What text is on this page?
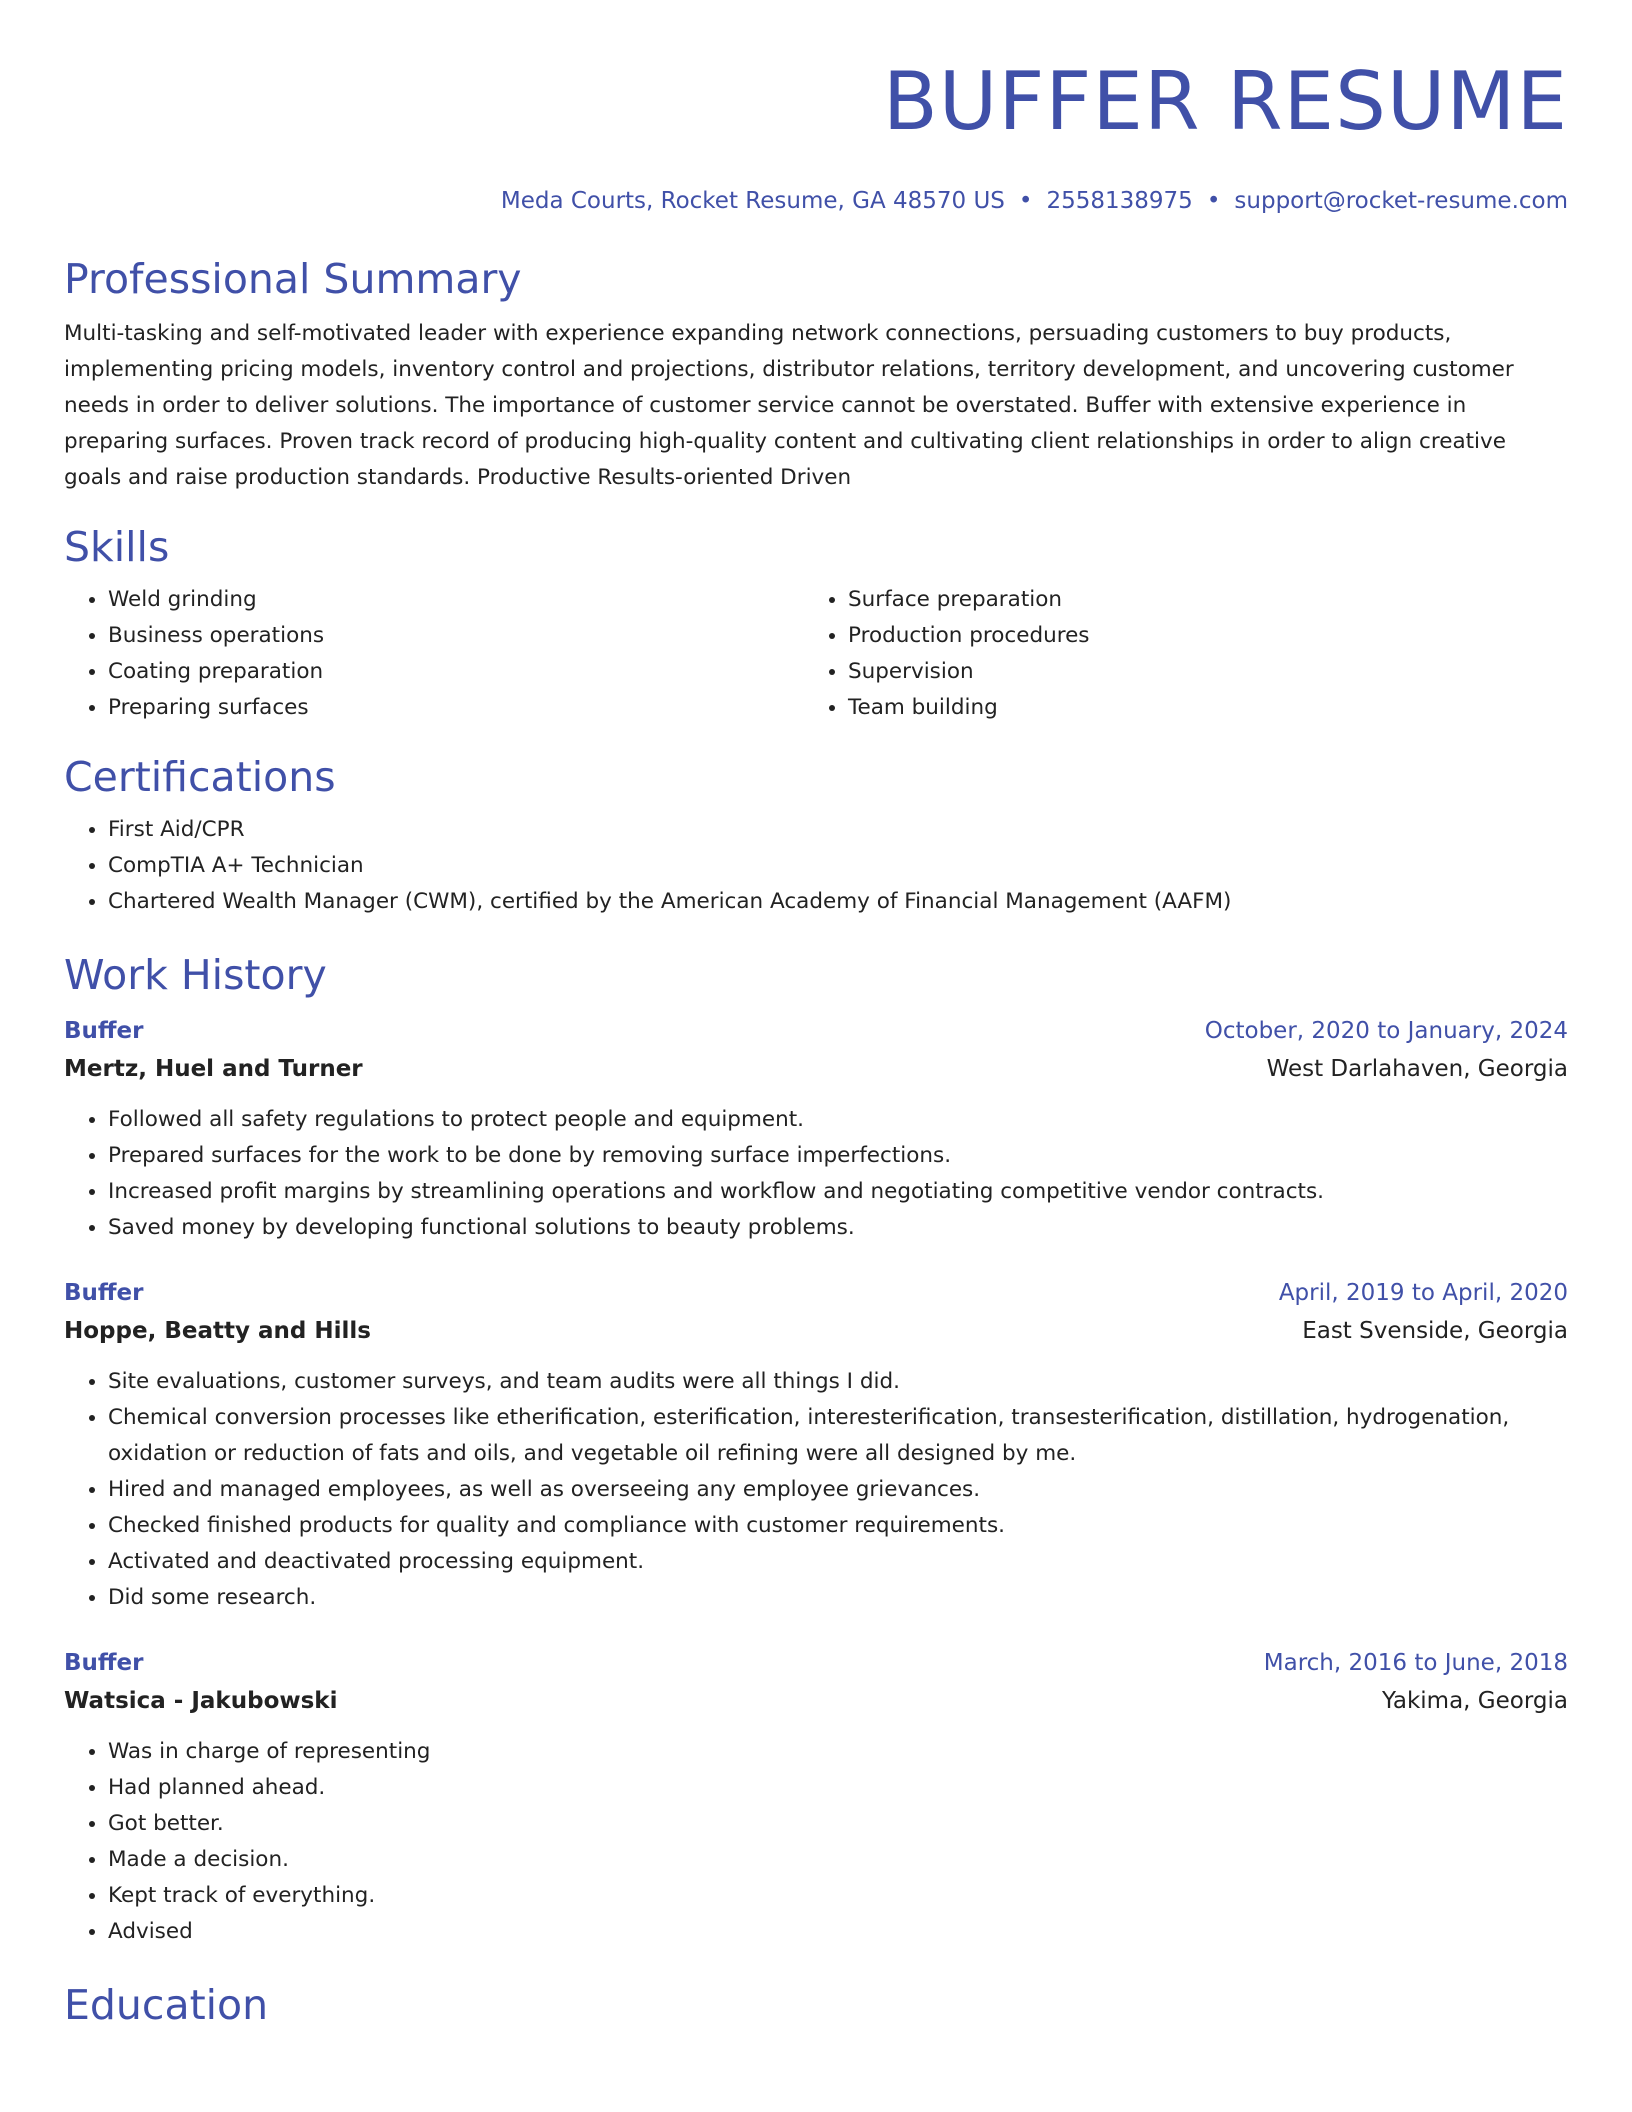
BUFFER RESUME
Meda Courts, Rocket Resume, GA 48570 US • 2558138975 • support@rocket-resume.com
Professional Summary
Multi-tasking and self-motivated leader with experience expanding network connections, persuading customers to buy products, implementing pricing models, inventory control and projections, distributor relations, territory development, and uncovering customer needs in order to deliver solutions. The importance of customer service cannot be overstated. Buffer with extensive experience in preparing surfaces. Proven track record of producing high-quality content and cultivating client relationships in order to align creative goals and raise production standards. Productive Results-oriented Driven
Skills
• Weld grinding
• Business operations
• Coating preparation
• Preparing surfaces
• Surface preparation
• Production procedures
• Supervision
• Team building
Certifications
• First Aid/CPR
• CompTIA A+ Technician
• Chartered Wealth Manager (CWM), certified by the American Academy of Financial Management (AAFM)
Work History
Buffer	October, 2020 to January, 2024
Mertz, Huel and Turner	West Darlahaven, Georgia
• Followed all safety regulations to protect people and equipment.
• Prepared surfaces for the work to be done by removing surface imperfections.
• Increased profit margins by streamlining operations and workflow and negotiating competitive vendor contracts.
• Saved money by developing functional solutions to beauty problems.
Buffer	April, 2019 to April, 2020
Hoppe, Beatty and Hills	East Svenside, Georgia
• Site evaluations, customer surveys, and team audits were all things I did.
• Chemical conversion processes like etherification, esterification, interesterification, transesterification, distillation, hydrogenation, oxidation or reduction of fats and oils, and vegetable oil refining were all designed by me.
• Hired and managed employees, as well as overseeing any employee grievances.
• Checked finished products for quality and compliance with customer requirements.
• Activated and deactivated processing equipment.
• Did some research.
Buffer	March, 2016 to June, 2018
Watsica - Jakubowski	Yakima, Georgia
• Was in charge of representing
• Had planned ahead.
• Got better.
• Made a decision.
• Kept track of everything.
• Advised
Education
